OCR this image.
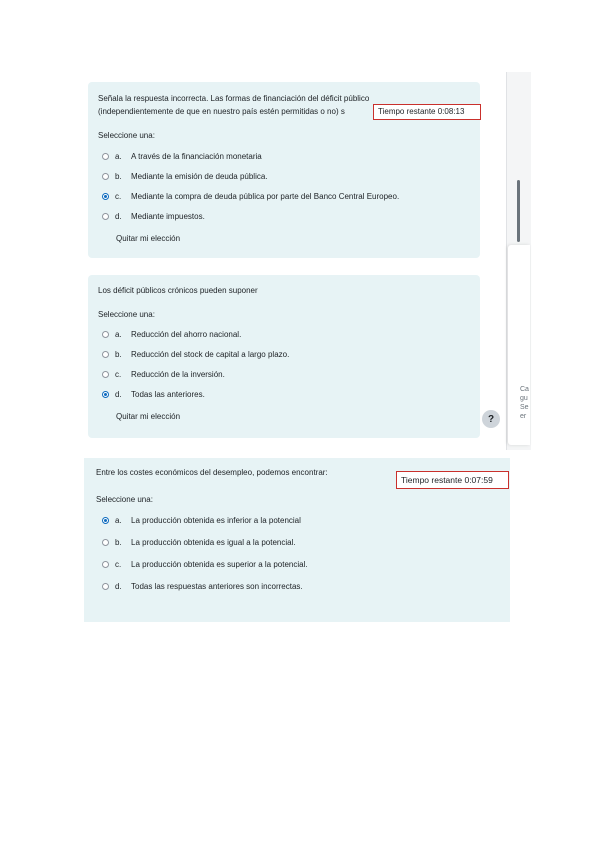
Señala la respuesta incorrecta. Las formas de financiación del déficit público
(independientemente de que en nuestro país estén permitidas o no) s
Seleccione una:
a.	A través de la financiación monetaria
b.	Mediante la emisión de deuda pública.
c.	Mediante la compra de deuda pública por parte del Banco Central Europeo.
d.	Mediante impuestos.
Quitar mi elección
Tiempo restante 0:08:13
Los déficit públicos crónicos pueden suponer
Seleccione una:
a.	Reducción del ahorro nacional.
b.	Reducción del stock de capital a largo plazo.
c.	Reducción de la inversión.
d.	Todas las anteriores.
Quitar mi elección
Ca
gu
Se
er
?
Entre los costes económicos del desempleo, podemos encontrar:
Seleccione una:
a.	La producción obtenida es inferior a la potencial
b.	La producción obtenida es igual a la potencial.
c.	La producción obtenida es superior a la potencial.
d.	Todas las respuestas anteriores son incorrectas.
Tiempo restante 0:07:59
